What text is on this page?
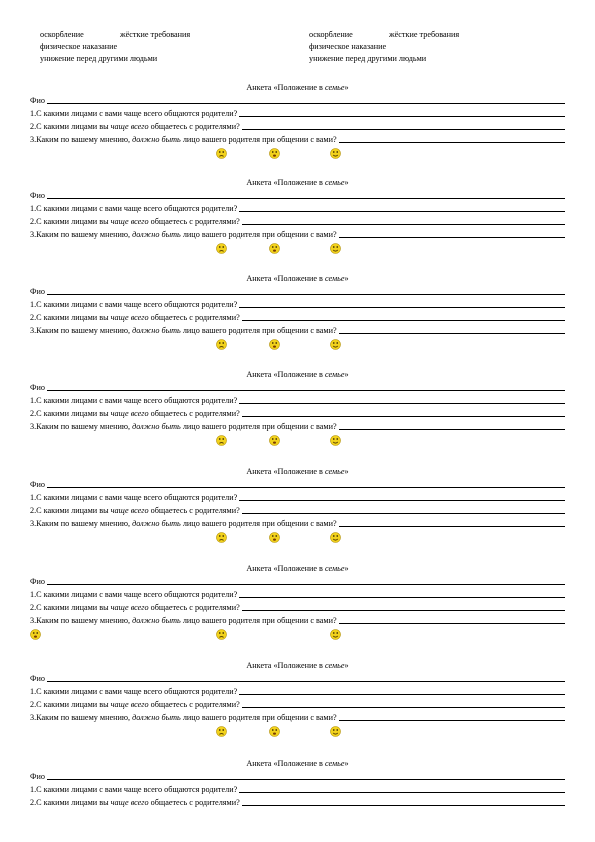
оскорбление	жёсткие требования
физическое наказание
унижение перед другими людьми
оскорбление	жёсткие требования
физическое наказание
унижение перед другими людьми
Анкета «Положение в семье»
Фио
1.С какими лицами с вами чаще всего общаются родители?
2.С какими лицами вы чаще всего общаетесь с родителями?
3.Каким по вашему мнению, должно быть лицо вашего родителя при общении с вами?
Анкета «Положение в семье»
Фио
1.С какими лицами с вами чаще всего общаются родители?
2.С какими лицами вы чаще всего общаетесь с родителями?
3.Каким по вашему мнению, должно быть лицо вашего родителя при общении с вами?
Анкета «Положение в семье»
Фио
1.С какими лицами с вами чаще всего общаются родители?
2.С какими лицами вы чаще всего общаетесь с родителями?
3.Каким по вашему мнению, должно быть лицо вашего родителя при общении с вами?
Анкета «Положение в семье»
Фио
1.С какими лицами с вами чаще всего общаются родители?
2.С какими лицами вы чаще всего общаетесь с родителями?
3.Каким по вашему мнению, должно быть лицо вашего родителя при общении с вами?
Анкета «Положение в семье»
Фио
1.С какими лицами с вами чаще всего общаются родители?
2.С какими лицами вы чаще всего общаетесь с родителями?
3.Каким по вашему мнению, должно быть лицо вашего родителя при общении с вами?
Анкета «Положение в семье»
Фио
1.С какими лицами с вами чаще всего общаются родители?
2.С какими лицами вы чаще всего общаетесь с родителями?
3.Каким по вашему мнению, должно быть лицо вашего родителя при общении с вами?
Анкета «Положение в семье»
Фио
1.С какими лицами с вами чаще всего общаются родители?
2.С какими лицами вы чаще всего общаетесь с родителями?
3.Каким по вашему мнению, должно быть лицо вашего родителя при общении с вами?
Анкета «Положение в семье»
Фио
1.С какими лицами с вами чаще всего общаются родители?
2.С какими лицами вы чаще всего общаетесь с родителями?
